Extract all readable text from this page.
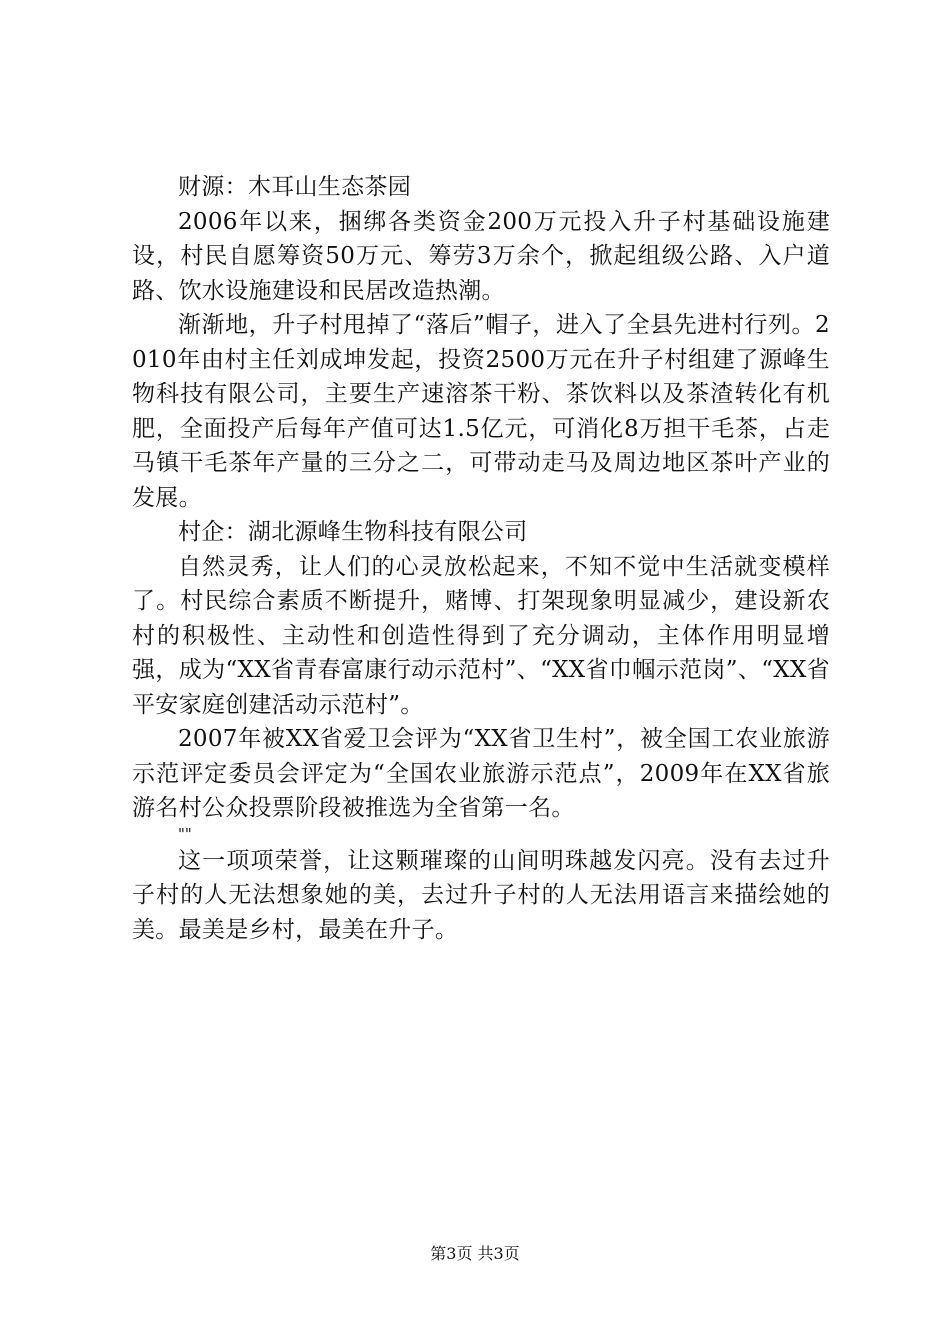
财源：木耳山生态茶园

2006年以来，捆绑各类资金200万元投入升子村基础设施建设，村民自愿筹资50万元、筹劳3万余个，掀起组级公路、入户道路、饮水设施建设和民居改造热潮。

渐渐地，升子村甩掉了“落后”帽子，进入了全县先进村行列。2010年由村主任刘成坤发起，投资2500万元在升子村组建了源峰生物科技有限公司，主要生产速溶茶干粉、茶饮料以及茶渣转化有机肥，全面投产后每年产值可达1.5亿元，可消化8万担干毛茶，占走马镇干毛茶年产量的三分之二，可带动走马及周边地区茶叶产业的发展。

村企：湖北源峰生物科技有限公司

自然灵秀，让人们的心灵放松起来，不知不觉中生活就变模样了。村民综合素质不断提升，赌博、打架现象明显减少，建设新农村的积极性、主动性和创造性得到了充分调动，主体作用明显增强，成为“XX省青春富康行动示范村”、“XX省巾帼示范岗”、“XX省平安家庭创建活动示范村”。

2007年被XX省爱卫会评为“XX省卫生村”，被全国工农业旅游示范评定委员会评定为“全国农业旅游示范点”，2009年在XX省旅游名村公众投票阶段被推选为全省第一名。

""

这一项项荣誉，让这颗璀璨的山间明珠越发闪亮。没有去过升子村的人无法想象她的美，去过升子村的人无法用语言来描绘她的美。最美是乡村，最美在升子。

第3页 共3页
